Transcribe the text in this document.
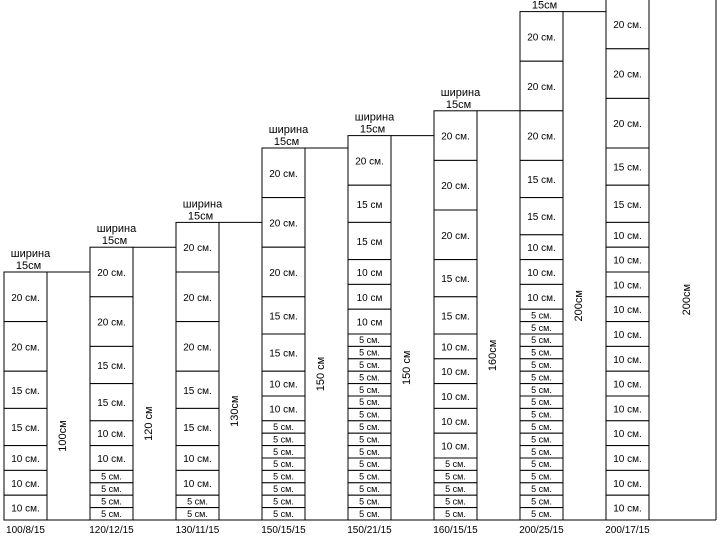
20 см.
20 см.
15 см.
15 см.
10 см.
10 см.
10 см.
ширина
15см
100/8/15
100см
20 см.
20 см.
15 см.
15 см.
10 см.
10 см.
5 см.
5 см.
5 см.
5 см.
ширина
15см
120/12/15
120 см
20 см.
20 см.
20 см.
15 см.
15 см.
10 см.
10 см.
5 см.
5 см.
ширина
15см
130/11/15
130см
20 см.
20 см.
20 см.
15 см.
15 см.
10 см.
10 см.
5 см.
5 см.
5 см.
5 см.
5 см.
5 см.
5 см.
5 см.
ширина
15см
150/15/15
150 см
20 см.
15 см
15 см
10 см
10 см
10 см
5 см.
5 см.
5 см.
5 см.
5 см.
5 см.
5 см.
5 см.
5 см.
5 см.
5 см.
5 см.
5 см.
5 см.
5 см.
ширина
15см
150/21/15
150 см
20 см.
20 см.
20 см.
15 см.
15 см.
10 см.
10 см.
10 см.
10 см.
10 см.
5 см.
5 см.
5 см.
5 см.
5 см.
ширина
15см
160/15/15
160см
20 см.
20 см.
20 см.
15 см.
15 см.
10 см.
10 см.
10 см.
5 см.
5 см.
5 см.
5 см.
5 см.
5 см.
5 см.
5 см.
5 см.
5 см.
5 см.
5 см.
5 см.
5 см.
5 см.
5 см.
5 см.
15см
200/25/15
200см
20 см.
20 см.
20 см.
15 см.
15 см.
10 см.
10 см.
10 см.
10 см.
10 см.
10 см.
10 см.
10 см.
10 см.
10 см.
10 см.
10 см.
200/17/15
200см
